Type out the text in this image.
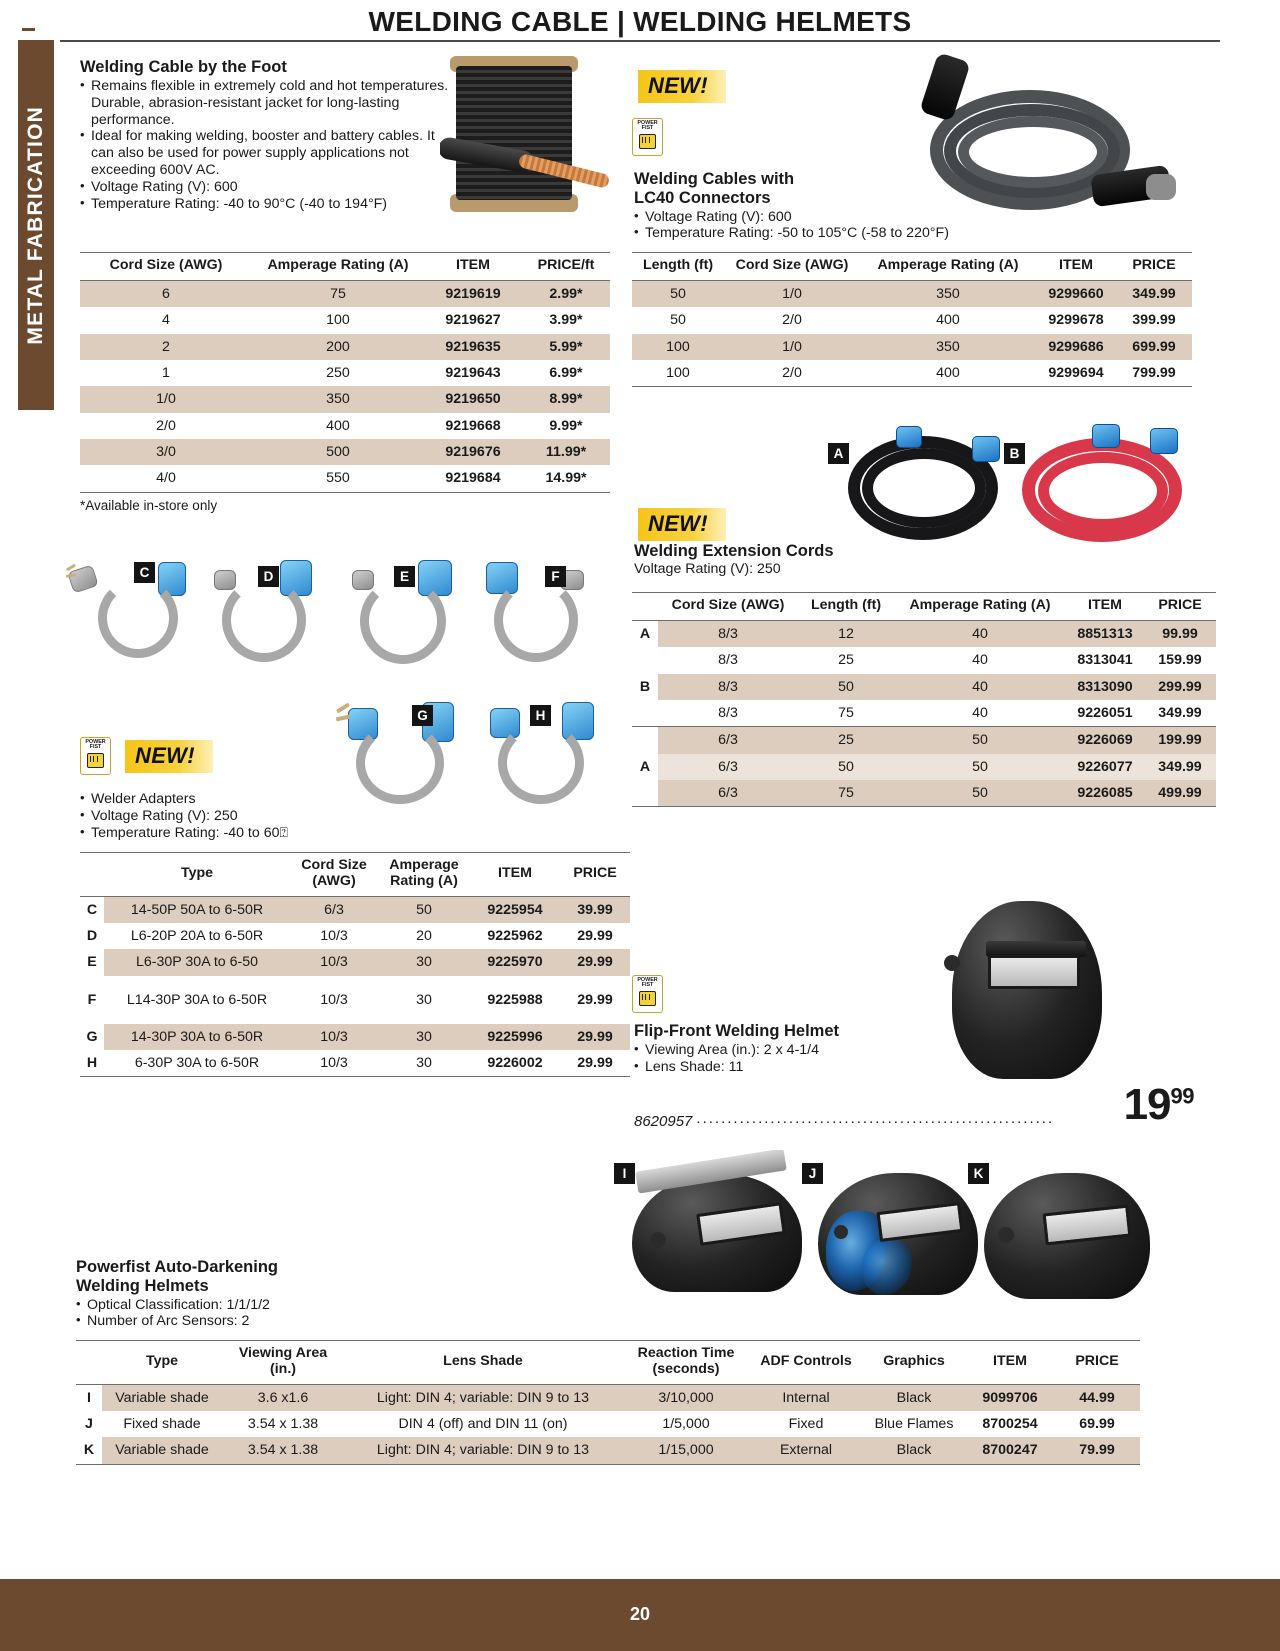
METAL FABRICATION
WELDING CABLE | WELDING HELMETS
Welding Cable by the Foot
• Remains flexible in extremely cold and hot temperatures.
Durable, abrasion-resistant jacket for long-lasting performance.
• Ideal for making welding, booster and battery cables. It can also be used for power supply applications not exceeding 600V AC.
• Voltage Rating (V): 600
• Temperature Rating: -40 to 90°C (-40 to 194°F)
Cord Size (AWG)	Amperage Rating (A)	ITEM	PRICE/ft
6	75	9219619	2.99*
4	100	9219627	3.99*
2	200	9219635	5.99*
1	250	9219643	6.99*
1/0	350	9219650	8.99*
2/0	400	9219668	9.99*
3/0	500	9219676	11.99*
4/0	550	9219684	14.99*
*Available in-store only
C	D	E	F
G	H
POWER FIST	NEW!
• Welder Adapters
• Voltage Rating (V): 250
• Temperature Rating: -40 to 60⍰
	Type	Cord Size (AWG)	Amperage Rating (A)	ITEM	PRICE
C	14-50P 50A to 6-50R	6/3	50	9225954	39.99
D	L6-20P 20A to 6-50R	10/3	20	9225962	29.99
E	L6-30P 30A to 6-50	10/3	30	9225970	29.99
F	L14-30P 30A to 6-50R	10/3	30	9225988	29.99
G	14-30P 30A to 6-50R	10/3	30	9225996	29.99
H	6-30P 30A to 6-50R	10/3	30	9226002	29.99
NEW!
POWER FIST
Welding Cables with
LC40 Connectors
• Voltage Rating (V): 600
• Temperature Rating: -50 to 105°C (-58 to 220°F)
Length (ft)	Cord Size (AWG)	Amperage Rating (A)	ITEM	PRICE
50	1/0	350	9299660	349.99
50	2/0	400	9299678	399.99
100	1/0	350	9299686	699.99
100	2/0	400	9299694	799.99
A	B
NEW!
Welding Extension Cords
Voltage Rating (V): 250
	Cord Size (AWG)	Length (ft)	Amperage Rating (A)	ITEM	PRICE
A	8/3	12	40	8851313	99.99
	8/3	25	40	8313041	159.99
B	8/3	50	40	8313090	299.99
	8/3	75	40	9226051	349.99
	6/3	25	50	9226069	199.99
A	6/3	50	50	9226077	349.99
	6/3	75	50	9226085	499.99
POWER FIST
Flip-Front Welding Helmet
• Viewing Area (in.): 2 x 4-1/4
• Lens Shade: 11
8620957 ..........................................................	$19^{99}$
I	J	K
Powerfist Auto-Darkening
Welding Helmets
• Optical Classification: 1/1/1/2
• Number of Arc Sensors: 2
	Type	Viewing Area (in.)	Lens Shade	Reaction Time (seconds)	ADF Controls	Graphics	ITEM	PRICE
I	Variable shade	3.6 x1.6	Light: DIN 4; variable: DIN 9 to 13	3/10,000	Internal	Black	9099706	44.99
J	Fixed shade	3.54 x 1.38	DIN 4 (off) and DIN 11 (on)	1/5,000	Fixed	Blue Flames	8700254	69.99
K	Variable shade	3.54 x 1.38	Light: DIN 4; variable: DIN 9 to 13	1/15,000	External	Black	8700247	79.99
20
